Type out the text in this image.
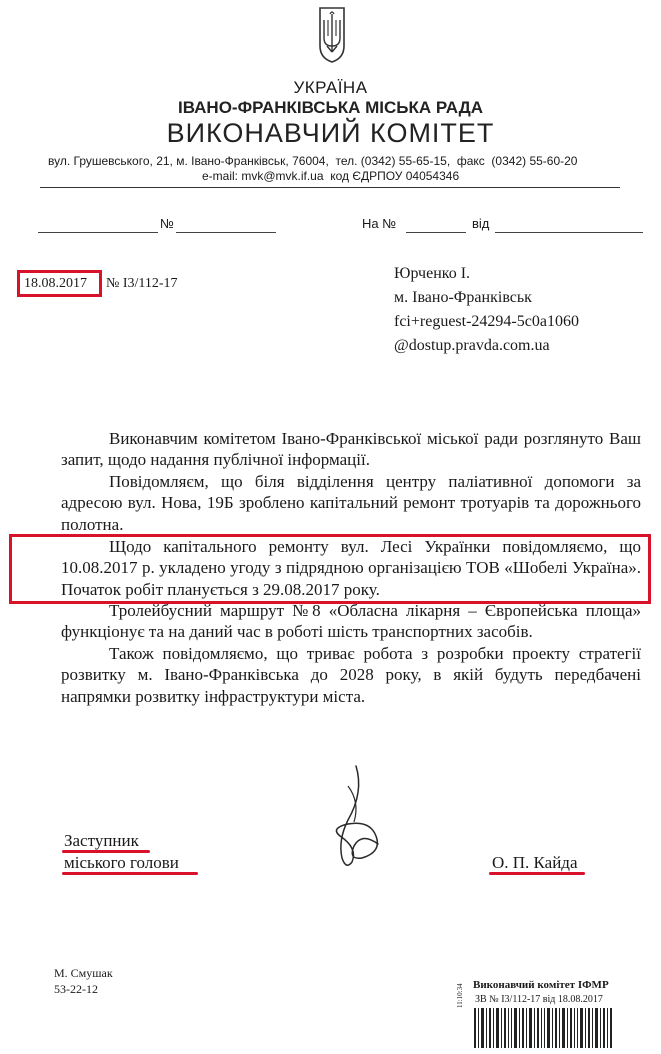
УКРАЇНА
ІВАНО-ФРАНКІВСЬКА МІСЬКА РАДА
ВИКОНАВЧИЙ КОМІТЕТ
вул. Грушевського, 21, м. Івано-Франківськ, 76004,  тел. (0342) 55-65-15,  факс  (0342) 55-60-20
e-mail: mvk@mvk.if.ua  код ЄДРПОУ 04054346
№	На №	від
18.08.2017 № І3/112-17
Юрченко І.
м. Івано-Франківськ
fci+reguest-24294-5c0a1060
@dostup.pravda.com.ua

Виконавчим комітетом Івано-Франківської міської ради розглянуто Ваш запит, щодо надання публічної інформації.

Повідомляєм, що біля відділення центру паліативної допомоги за адресою вул. Нова, 19Б зроблено капітальний ремонт тротуарів та дорожнього полотна.

Щодо капітального ремонту вул. Лесі Українки повідомляємо, що 10.08.2017 р. укладено угоду з підрядною організацією ТОВ «Шобелі Україна». Початок робіт планується з 29.08.2017 року.

Тролейбусний маршрут №8 «Обласна лікарня – Європейська площа» функціонує та на даний час в роботі шість транспортних засобів.

Також повідомляємо, що триває робота з розробки проекту стратегії розвитку м. Івано-Франківська до 2028 року, в якій будуть передбачені напрямки розвитку інфраструктури міста.

Заступник
міського голови	О. П. Кайда
М. Смушак
53-22-12	Виконавчий комітет ІФМР
ЗВ № І3/112-17 від 18.08.2017
11:10:34
